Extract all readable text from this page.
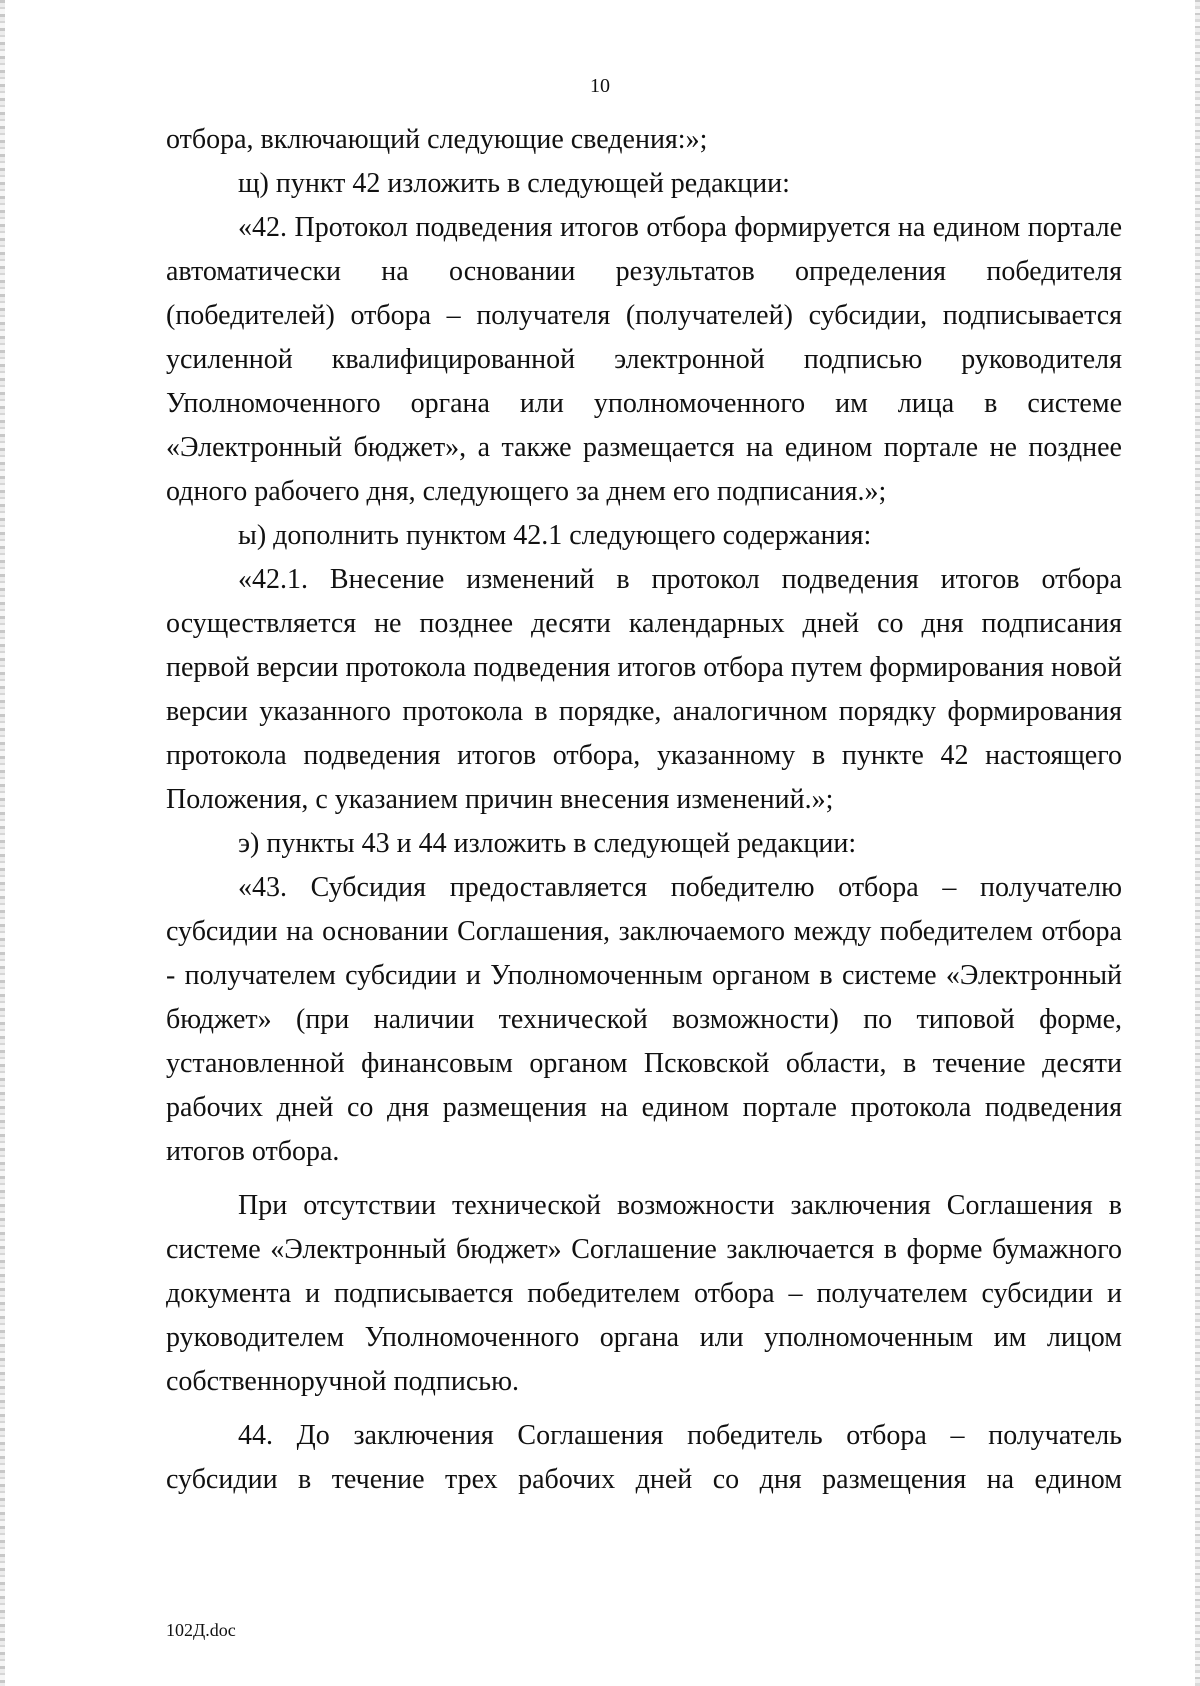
10

отбора, включающий следующие сведения:»;

щ) пункт 42 изложить в следующей редакции:

«42. Протокол подведения итогов отбора формируется на едином портале автоматически на основании результатов определения победителя (победителей) отбора – получателя (получателей) субсидии, подписывается усиленной квалифицированной электронной подписью руководителя Уполномоченного органа или уполномоченного им лица в системе «Электронный бюджет», а также размещается на едином портале не позднее одного рабочего дня, следующего за днем его подписания.»;

ы) дополнить пунктом 42.1 следующего содержания:

«42.1. Внесение изменений в протокол подведения итогов отбора осуществляется не позднее десяти календарных дней со дня подписания первой версии протокола подведения итогов отбора путем формирования новой версии указанного протокола в порядке, аналогичном порядку формирования протокола подведения итогов отбора, указанному в пункте 42 настоящего Положения, с указанием причин внесения изменений.»;

э) пункты 43 и 44 изложить в следующей редакции:

«43. Субсидия предоставляется победителю отбора – получателю субсидии на основании Соглашения, заключаемого между победителем отбора - получателем субсидии и Уполномоченным органом в системе «Электронный бюджет» (при наличии технической возможности) по типовой форме, установленной финансовым органом Псковской области, в течение десяти рабочих дней со дня размещения на едином портале протокола подведения итогов отбора.

При отсутствии технической возможности заключения Соглашения в системе «Электронный бюджет» Соглашение заключается в форме бумажного документа и подписывается победителем отбора – получателем субсидии и руководителем Уполномоченного органа или уполномоченным им лицом собственноручной подписью.

44. До заключения Соглашения победитель отбора – получатель субсидии в течение трех рабочих дней со дня размещения на едином

102Д.doc
